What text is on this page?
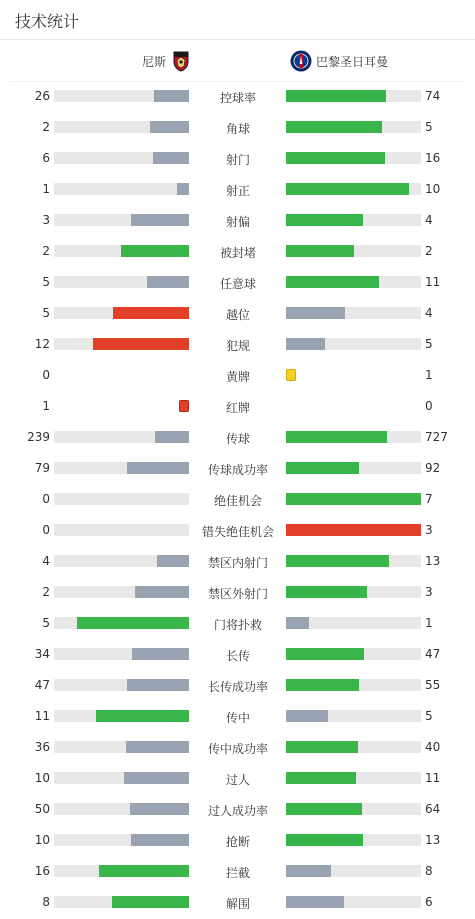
技术统计
尼斯	巴黎圣日耳曼
26	控球率	74
2	角球	5
6	射门	16
1	射正	10
3	射偏	4
2	被封堵	2
5	任意球	11
5	越位	4
12	犯规	5
0	黄牌	1
1	红牌	0
239	传球	727
79	传球成功率	92
0	绝佳机会	7
0	错失绝佳机会	3
4	禁区内射门	13
2	禁区外射门	3
5	门将扑救	1
34	长传	47
47	长传成功率	55
11	传中	5
36	传中成功率	40
10	过人	11
50	过人成功率	64
10	抢断	13
16	拦截	8
8	解围	6
